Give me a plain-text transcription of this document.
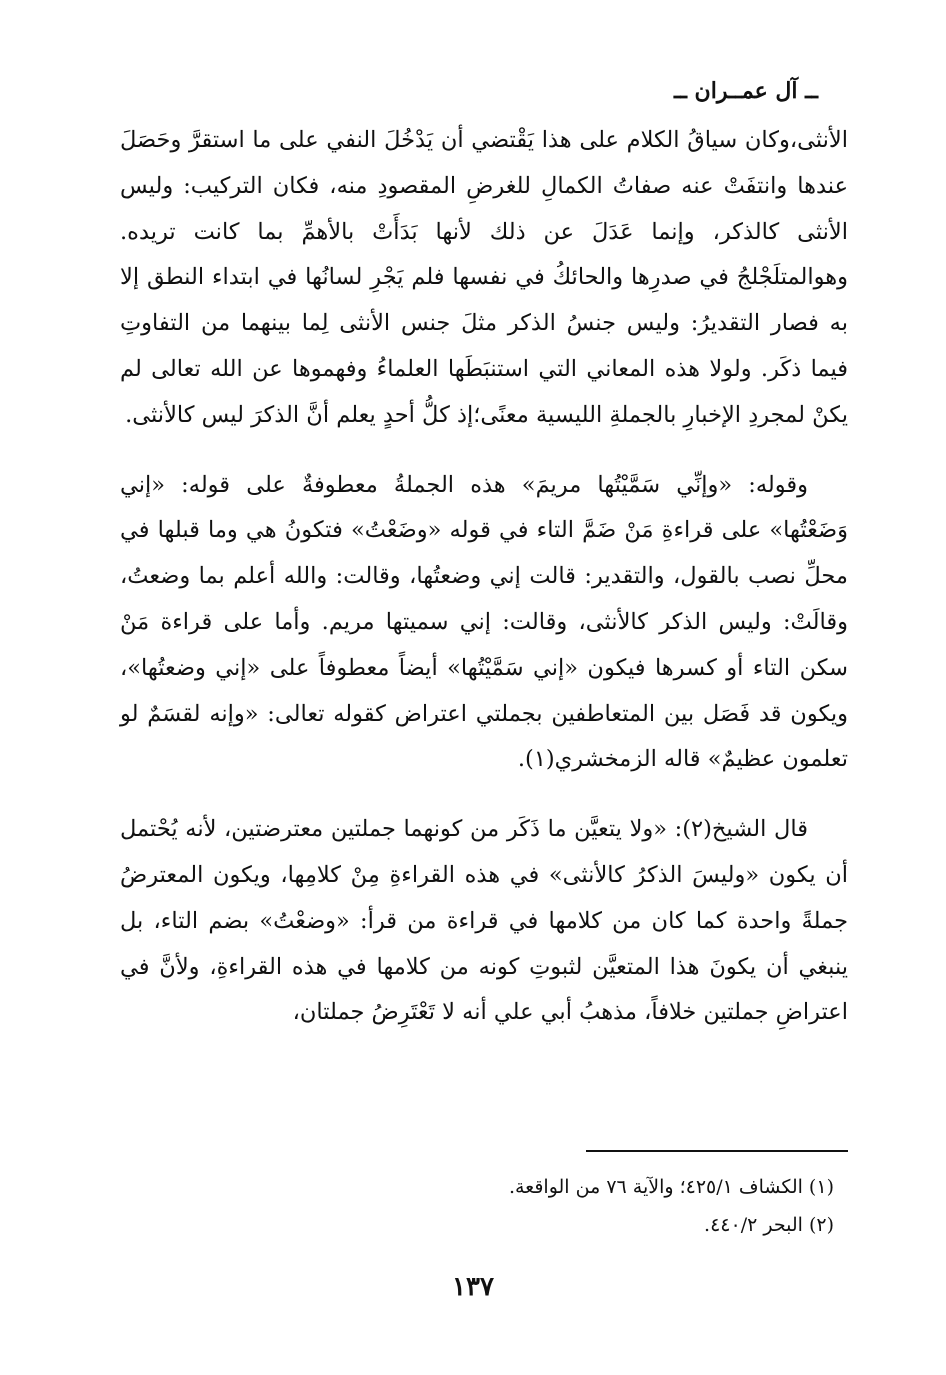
ــ آل عمــران ــ

الأنثى،وكان سياقُ الكلام على هذا يَقْتضي أن يَدْخُلَ النفي على ما استقرَّ وحَصَلَ عندها وانتفَتْ عنه صفاتُ الكمالِ للغرضِ المقصودِ منه، فكان التركيب: وليس الأنثى كالذكر، وإنما عَدَلَ عن ذلك لأنها بَدَأَتْ بالأهمِّ بما كانت تريده. وهوالمتلَجْلجُ في صدرِها والحائكُ في نفسها فلم يَجْرِ لسانُها في ابتداء النطق إلا به فصار التقديرُ: وليس جنسُ الذكر مثلَ جنس الأنثى لِما بينهما من التفاوتِ فيما ذكَر. ولولا هذه المعاني التي استنبَطَها العلماءُ وفهموها عن الله تعالى لم يكنْ لمجردِ الإخبارِ بالجملةِ الليسية معنًى؛إذ كلُّ أحدٍ يعلم أنَّ الذكرَ ليس كالأنثى.

وقوله: «وإنِّي سَمَّيْتُها مريمَ» هذه الجملةُ معطوفةٌ على قوله: «إني وَضَعْتُها» على قراءةِ مَنْ ضَمَّ التاء في قوله «وضَعْتُ» فتكونُ هي وما قبلها في محلِّ نصب بالقول، والتقدير: قالت إني وضعتُها، وقالت: والله أعلم بما وضعتُ، وقالَتْ: وليس الذكر كالأنثى، وقالت: إني سميتها مريم. وأما على قراءة مَنْ سكن التاء أو كسرها فيكون «إني سَمَّيْتُها» أيضاً معطوفاً على «إني وضعتُها»، ويكون قد فَصَل بين المتعاطفين بجملتي اعتراض كقوله تعالى: «وإنه لقسَمٌ لو تعلمون عظيمٌ» قاله الزمخشري(١).

قال الشيخ(٢): «ولا يتعيَّن ما ذَكَر من كونهما جملتين معترضتين، لأنه يُحْتمل أن يكون «وليسَ الذكرُ كالأنثى» في هذه القراءةِ مِنْ كلامِها، ويكون المعترضُ جملةً واحدة كما كان من كلامها في قراءة من قرأ: «وضعْتُ» بضم التاء، بل ينبغي أن يكونَ هذا المتعيَّن لثبوتِ كونه من كلامها في هذه القراءةِ، ولأنَّ في اعتراضِ جملتين خلافاً، مذهبُ أبي علي أنه لا تَعْتَرِضُ جملتان،

(١) الكشاف ٤٢٥/١؛ والآية ٧٦ من الواقعة.

(٢) البحر ٤٤٠/٢.

١٣٧
